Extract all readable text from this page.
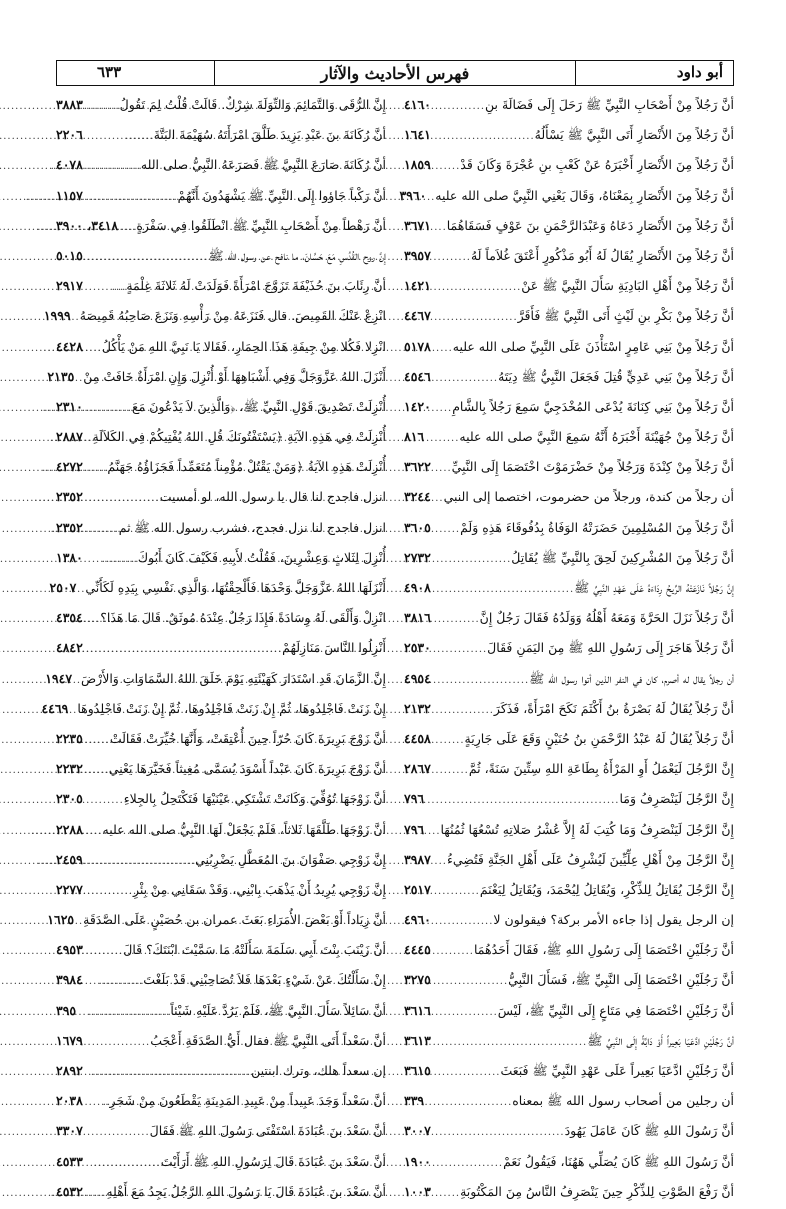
أبو داود
فهرس الأحاديث والآثار
٦٣٣
أنَّ رَجُلاً مِنْ أَصْحَابِ النَّبِيِّ ﷺ رَحَلَ إِلَى فَضَالَةَ بنِ
.....
٤١٦٠
أنَّ رَجُلاً مِنَ الأَنْصَارِ أَتَى النَّبِيَّ ﷺ يَسْأَلُهُ
.....
١٦٤١
أنَّ رَجُلاً مِنَ الأَنْصَارِ أَخْبَرَهُ عَنْ كَعْبِ بنِ عُجْرَةَ وَكَانَ قَدْ
.....
١٨٥٩
أنَّ رَجُلاً مِنَ الأَنْصَارِ بِمَعْنَاهُ، وَقَالَ يَعْنِي النَّبِيَّ صلى الله عليه
.....
٣٩٦٠
أنَّ رَجُلاً مِنَ الأَنْصَارِ دَعَاهُ وَعَبْدَالرَّحْمَنِ بنَ عَوْفٍ فَسَقَاهُمَا
.....
٣٦٧١
أنَّ رَجُلاً مِنَ الأَنْصَارِ يُقَالُ لَهُ أَبُو مَذْكُورٍ أَعْتَقَ غُلاَماً لَهُ
.....
٣٩٥٧
أنَّ رَجُلاً مِنْ أَهْلِ البَادِيَةِ سَأَلَ النَّبِيَّ ﷺ عَنْ
.....
١٤٢١
أنَّ رَجُلاً مِنْ بَكْرِ بنِ لَيْثٍ أَتَى النَّبِيَّ ﷺ فَأَقَرَّ
.....
٤٤٦٧
أنَّ رَجُلاً مِنْ بَنِي عَامِرٍ اسْتَأْذَنَ عَلَى النَّبِيِّ صلى الله عليه
.....
٥١٧٨
أنَّ رَجُلاً مِنْ بَنِي عَدِيٍّ قُتِلَ فَجَعَلَ النَّبِيُّ ﷺ دِيَتَهُ
.....
٤٥٤٦
أنَّ رَجُلاً مِنْ بَنِي كِنَانَةَ يُدْعَى المُخْدَجِيَّ سَمِعَ رَجُلاً بِالشَّامِ
.....
١٤٢٠
أنَّ رَجُلاً مِنْ جُهَيْنَةَ أَخْبَرَهُ أَنَّهُ سَمِعَ النَّبِيَّ صلى الله عليه
.....
٨١٦
أنَّ رَجُلاً مِنْ كِنْدَةَ وَرَجُلاً مِنْ حَضْرَمَوْتَ اخْتَصَمَا إِلَى النَّبِيِّ
.....
٣٦٢٢
أن رجلاً من كندة، ورجلاً من حضرموت، اختصما إلى النبي
.....
٣٢٤٤
أنَّ رَجُلاً مِنَ المُسْلِمِينَ حَضَرَتْهُ الوَفَاةُ بِدُفُوقَاءَ هَذِهِ وَلَمْ
.....
٣٦٠٥
أنَّ رَجُلاً مِنَ المُشْرِكِينَ لَحِقَ بِالنَّبِيِّ ﷺ يُقَاتِلُ
.....
٢٧٣٢
إِنَّ رَجُلاً نَازَعَتْهُ الرِّيحُ رِدَاءَهُ عَلَى عَهْدِ النَّبِيِّ ﷺ
.....
٤٩٠٨
أنَّ رَجُلاً نَزَلَ الحَرَّةَ وَمَعَهُ أَهْلُهُ وَوَلَدُهُ فَقَالَ رَجُلٌ إِنَّ
.....
٣٨١٦
أنَّ رَجُلاً هَاجَرَ إِلَى رَسُولِ اللهِ ﷺ مِنَ اليَمَنِ فَقَالَ
.....
٢٥٣٠
أن رجلاً يقال له أصرم، كان في النفر الذين أتوا رسول الله ﷺ
.....
٤٩٥٤
أنَّ رَجُلاً يُقَالُ لَهُ بَصْرَةُ بنُ أَكْثَمَ نَكَحَ امْرَأَةً، فَذَكَرَ
.....
٢١٣٢
أنَّ رَجُلاً يُقَالُ لَهُ عَبْدُ الرَّحْمَنِ بنُ حُنَيْنٍ وَقَعَ عَلَى جَارِيَةٍ
.....
٤٤٥٨
إِنَّ الرَّجُلَ لَيَعْمَلُ أَوِ المَرْأَةُ بِطَاعَةِ اللهِ سِتِّينَ سَنَةً، ثُمَّ
.....
٢٨٦٧
إِنَّ الرَّجُلَ لَيَنْصَرِفُ وَمَا
.....
٧٩٦
إِنَّ الرَّجُلَ لَيَنْصَرِفُ وَمَا كُتِبَ لَهُ إِلاَّ عُشْرُ صَلاتِهِ تُسْعُهَا ثُمُنُهَا
.....
٧٩٦
إِنَّ الرَّجُلَ مِنْ أَهْلِ عِلِّيِّينَ لَيُشْرِفُ عَلَى أَهْلِ الجَنَّةِ فَتُضِيءُ
.....
٣٩٨٧
إِنَّ الرَّجُلَ يُقَاتِلُ لِلذِّكْرِ، وَيُقَاتِلُ لِيُحْمَدَ، وَيُقَاتِلُ لِيَغْنَمَ
.....
٢٥١٧
إن الرجل يقول إذا جاءه الأمر بركة؟ فيقولون لا
.....
٤٩٦٠
أنَّ رَجُلَيْنِ اخْتَصَمَا إِلَى رَسُولِ اللهِ ﷺ، فَقَالَ أَحَدُهُمَا
.....
٤٤٤٥
أنَّ رَجُلَيْنِ اخْتَصَمَا إِلَى النَّبِيِّ ﷺ، فَسَأَلَ النَّبِيُّ
.....
٣٢٧٥
أنَّ رَجُلَيْنِ اخْتَصَمَا فِي مَتَاعٍ إِلَى النَّبِيِّ ﷺ، لَيْسَ
.....
٣٦١٦
أنَّ رَجُلَيْنِ ادَّعَيَا بَعِيراً أَوْ دَابَّةً إِلَى النَّبِيِّ ﷺ
.....
٣٦١٣
أنَّ رَجُلَيْنِ ادَّعَيَا بَعِيراً عَلَى عَهْدِ النَّبِيِّ ﷺ فَبَعَثَ
.....
٣٦١٥
أن رجلين من أصحاب رسول الله ﷺ بمعناه
.....
٣٣٩
أنَّ رَسُولَ اللهِ ﷺ كَانَ عَامَلَ يَهُودَ
.....
٣٠٠٧
أنَّ رَسُولَ اللهِ ﷺ كَانَ يُصَلِّي هَهُنَا، فَيَقُولُ نَعَمْ
.....
١٩٠٠
أنَّ رَفْعَ الصَّوْتِ لِلذِّكْرِ حِينَ يَنْصَرِفُ النَّاسُ مِنَ المَكْتُوبَةِ
.....
١٠٠٣
إِنَّ الرُّقَى وَالتَّمَائِمَ وَالتِّوَلَةَ شِرْكٌ. قَالَتْ قُلْتُ لِمَ تَقُولُ
.....
٣٨٨٣
أنَّ رُكَانَةَ بنَ عَبْدِ يَزِيدَ طَلَّقَ امْرَأَتَهُ سُهَيْمَةَ البَتَّةَ
.....
٢٢٠٦
أنَّ رُكَانَةَ صَارَعَ النَّبِيَّ ﷺ فَصَرَعَهُ النَّبِيُّ صلى الله
.....
٤٠٧٨
أنَّ رَكْباً جَاؤوا إِلَى النَّبِيِّ ﷺ يَشْهَدُونَ أَنَّهُمْ
.....
١١٥٧
أنَّ رَهْطاً مِنْ أَصْحَابِ النَّبِيِّ ﷺ انْطَلَقُوا فِي سَفْرَةٍ
.....
٣٤١٨، ٣٩٠٠
إِنَّ روح القُدُسِ مَعَ حَسَّانَ، ما نافح عن رسول الله ﷺ
.....
٥٠١٥
أنَّ رِئَابَ بنَ حُذَيْفَةَ تَزَوَّجَ امْرَأَةً فَوَلَدَتْ لَهُ ثَلاثَةَ غِلْمَةٍ
.....
٢٩١٧
انْزِعْ عَنْكَ القَمِيصَ. قال فَنَزَعَهُ مِنْ رَأْسِهِ وَنَزَعَ صَاحِبُهُ قَمِيصَهُ
.....
١٩٩٩
انْزِلا فَكُلا مِنْ جِيفَةِ هَذَا الحِمَارِ، فَقَالا يَا نَبِيَّ اللهِ مَنْ يَأْكُلُ
.....
٤٤٢٨
أَنْزَلَ اللهُ عَزَّوَجَلَّ وَفِي أَشْبَاهِهَا أَوْ أُنْزِلَ وَإِنِ امْرَأَةٌ خَافَتْ مِنْ
.....
٢١٣٥
أُنْزِلَتْ تَصْدِيقَ قَوْلِ النَّبِيِّ ﷺ، ﴿وَالَّذِينَ لاَ يَدْعُونَ مَعَ
.....
٢٣١٠
أُنْزِلَتْ فِي هَذِهِ الآيَةِ ﴿يَسْتَفْتُونَكَ قُلِ اللهُ يُفْتِيكُمْ فِي الكَلاَلَةِ
.....
٢٨٨٧
أُنْزِلَتْ هَذِهِ الآيَةُ ﴿وَمَنْ يَقْتُلْ مُؤْمِناً مُتَعَمِّداً فَجَزَاؤُهُ جَهَنَّمُ
.....
٤٢٧٢
انزل فاجدح لنا قال يا رسول الله، لو أمسيت
.....
٢٣٥٢
انزل فاجدح لنا نزل فجدح، فشرب رسول الله ﷺ ثم
.....
٢٣٥٢
أُنْزِلَ لِثَلاثٍ وَعِشْرِينَ، فَقُلْتُ لأَبِيهِ فَكَيْفَ كَانَ أَبُوكَ
.....
١٣٨٠
أَنْزَلَهَا اللهُ عَزَّوَجَلَّ وَحْدَهَا فَأَلْحِقْتُهَا، وَالَّذِي نَفْسِي بِيَدِهِ لَكَأَنِّي
.....
٢٥٠٧
انْزِلْ وَأَلْقَى لَهُ وِسَادَةً فَإِذَا رَجُلٌ عِنْدَهُ مُوثَقٌ. قَالَ مَا هَذَا؟
.....
٤٣٥٤
أَنْزِلُوا النَّاسَ مَنَازِلَهُمْ
.....
٤٨٤٢
إِنَّ الزَّمَانَ قَدِ اسْتَدَارَ كَهَيْئَتِهِ يَوْمَ خَلَقَ اللهُ السَّمَاوَاتِ وَالأَرْضَ
.....
١٩٤٧
إِنْ زَنَتْ فَاجْلِدُوهَا، ثُمَّ إِنْ زَنَتْ فَاجْلِدُوهَا، ثُمَّ إِنْ زَنَتْ فَاجْلِدُوهَا
.....
٤٤٦٩
أنَّ زَوْجَ بَرِيرَةَ كَانَ حُرّاً حِينَ أُعْتِقَتْ، وَأَنَّهَا خُيِّرَتْ فَقَالَتْ
.....
٢٢٣٥
أنَّ زَوْجَ بَرِيرَةَ كَانَ عَبْداً أَسْوَدَ يُسَمَّى مُغِيثاً فَخَيَّرَهَا يَعْنِي
.....
٢٢٣٢
أنَّ زَوْجَهَا تُوُفِّيَ وَكَانَتْ تَشْتَكِي عَيْنَيْهَا فَتَكْتَحِلُ بِالجِلاءِ
.....
٢٣٠٥
أنَّ زَوْجَهَا طَلَّقَهَا ثَلاثاً، فَلَمْ يَجْعَلْ لَهَا النَّبِيُّ صلى الله عليه
.....
٢٢٨٨
إِنَّ زَوْجِي صَفْوَانَ بنَ المُعَطَّلِ يَضْرِبُنِي
.....
٢٤٥٩
إِنَّ زَوْجِي يُرِيدُ أَنْ يَذْهَبَ بِابْنِي، وَقَدْ سَقَانِي مِنْ بِئْرِ
.....
٢٢٧٧
أنَّ زِيَاداً أَوْ بَعْضَ الأُمَرَاءِ بَعَثَ عمران بن حُصَيْنٍ عَلَى الصَّدَقَةِ
.....
١٦٢٥
أنَّ زَيْنَبَ بِنْتَ أَبِي سَلَمَةَ سَأَلَتْهُ مَا سَمَّيْتَ ابْنَتَكَ؟ قَالَ
.....
٤٩٥٣
إِنْ سَأَلْتُكَ عَنْ شَيْءٍ بَعْدَهَا فَلاَ تُصَاحِبْنِي قَدْ بَلَغْتَ
.....
٣٩٨٤
أنَّ سَائِلاً سَأَلَ النَّبِيَّ ﷺ، فَلَمْ يَرُدَّ عَلَيْهِ شَيْئاً
.....
٣٩٥
أنَّ سَعْداً أَتَى النَّبِيَّ ﷺ فقال أَيُّ الصَّدَقَةِ أَعْجَبُ
.....
١٦٧٩
إن سعداً هلك، وترك ابنتين
.....
٢٨٩٢
أنَّ سَعْداً وَجَدَ عَبِيداً مِنْ عَبِيدِ المَدِينَةِ يَقْطَعُونَ مِنْ شَجَرِ
.....
٢٠٣٨
أنَّ سَعْدَ بنَ عُبَادَةَ اسْتَفْتَى رَسُولَ اللهِ ﷺ فَقَالَ
.....
٣٣٠٧
أنَّ سَعْدَ بنَ عُبَادَةَ قَالَ لِرَسُولِ اللهِ ﷺ أَرَأَيْتَ
.....
٤٥٣٣
أنَّ سَعْدَ بنَ عُبَادَةَ قَالَ يَا رَسُولَ اللهِ الرَّجُلُ يَجِدُ مَعَ أَهْلِهِ
.....
٤٥٣٢
